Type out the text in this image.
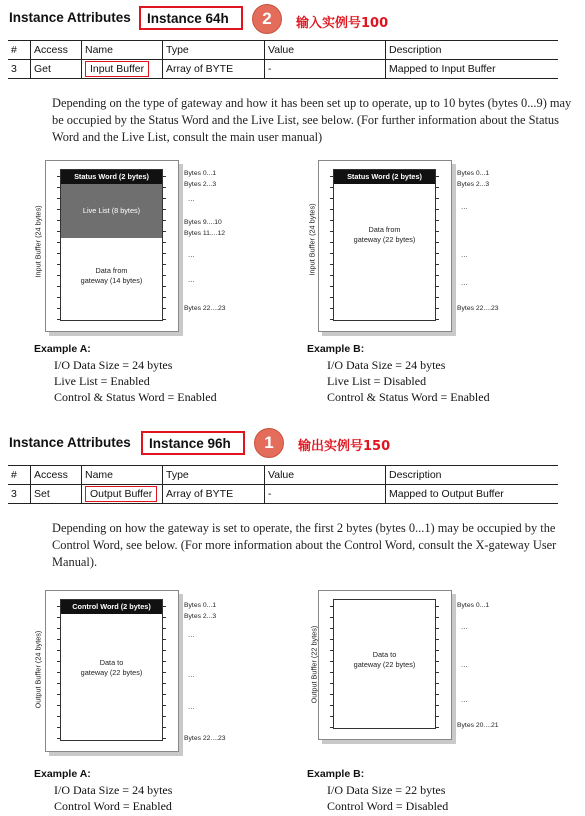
Instance Attributes	Instance 64h	2	输入实例号100
#	Access	Name	Type	Value	Description
3	Get	Input Buffer	Array of BYTE	-	Mapped to Input Buffer
Depending on the type of gateway and how it has been set up to operate, up to 10 bytes (bytes 0...9) may be occupied by the Status Word and the Live List, see below. (For further information about the Status Word and the Live List, consult the main user manual)
Input Buffer (24 bytes)
Status Word (2 bytes)
Live List (8 bytes)
Data from
gateway (14 bytes)
Bytes 0...1
Bytes 2...3
...
Bytes 9....10
Bytes 11....12
...
...
Bytes 22....23
Input Buffer (24 bytes)
Status Word (2 bytes)
Data from
gateway (22 bytes)
Bytes 0...1
Bytes 2...3
...
...
...
Bytes 22....23
Example A:
I/O Data Size = 24 bytes
Live List = Enabled
Control & Status Word = Enabled
Example B:
I/O Data Size = 24 bytes
Live List = Disabled
Control & Status Word = Enabled
Instance Attributes	Instance 96h	1	输出实例号150
#	Access	Name	Type	Value	Description
3	Set	Output Buffer	Array of BYTE	-	Mapped to Output Buffer
Depending on how the gateway is set to operate, the first 2 bytes (bytes 0...1) may be occupied by the Control Word, see below. (For more information about the Control Word, consult the X-gateway User Manual).
Output Buffer (24 bytes)
Control Word (2 bytes)
Data to
gateway (22 bytes)
Bytes 0...1
Bytes 2...3
...
...
...
Bytes 22....23
Output Buffer (22 bytes)	Data to
gateway (22 bytes)
Bytes 0...1
...
...
...
Bytes 20....21
Example A:
I/O Data Size = 24 bytes
Control Word = Enabled
Example B:
I/O Data Size = 22 bytes
Control Word = Disabled
